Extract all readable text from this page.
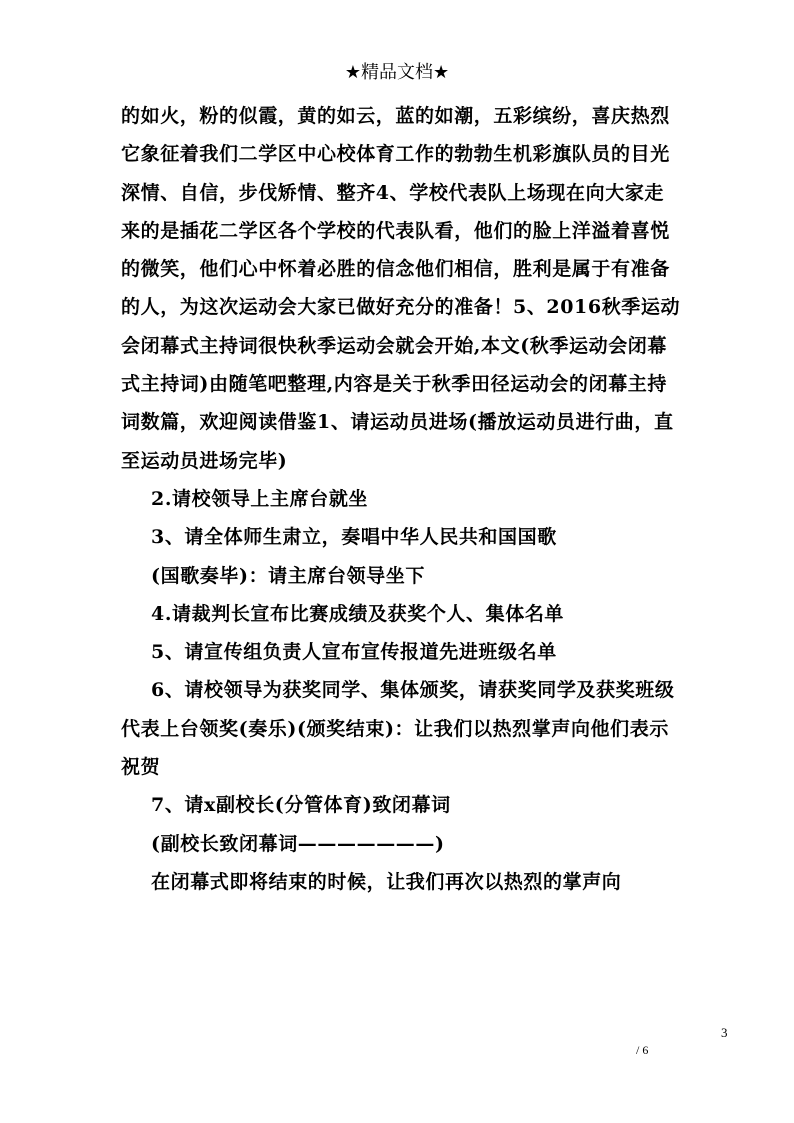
★精品文档★

的如火，粉的似霞，黄的如云，蓝的如潮，五彩缤纷，喜庆热烈它象征着我们二学区中心校体育工作的勃勃生机彩旗队员的目光深情、自信，步伐矫情、整齐4、学校代表队上场现在向大家走来的是插花二学区各个学校的代表队看，他们的脸上洋溢着喜悦的微笑，他们心中怀着必胜的信念他们相信，胜利是属于有准备的人，为这次运动会大家已做好充分的准备！5、2016秋季运动会闭幕式主持词很快秋季运动会就会开始,本文(秋季运动会闭幕式主持词)由随笔吧整理,内容是关于秋季田径运动会的闭幕主持词数篇，欢迎阅读借鉴1、请运动员进场(播放运动员进行曲，直至运动员进场完毕)

2.请校领导上主席台就坐

3、请全体师生肃立，奏唱中华人民共和国国歌

(国歌奏毕)：请主席台领导坐下

4.请裁判长宣布比赛成绩及获奖个人、集体名单

5、请宣传组负责人宣布宣传报道先进班级名单

6、请校领导为获奖同学、集体颁奖，请获奖同学及获奖班级代表上台领奖(奏乐)(颁奖结束)：让我们以热烈掌声向他们表示祝贺

7、请x副校长(分管体育)致闭幕词

(副校长致闭幕词———————)

在闭幕式即将结束的时候，让我们再次以热烈的掌声向

3
/ 6
